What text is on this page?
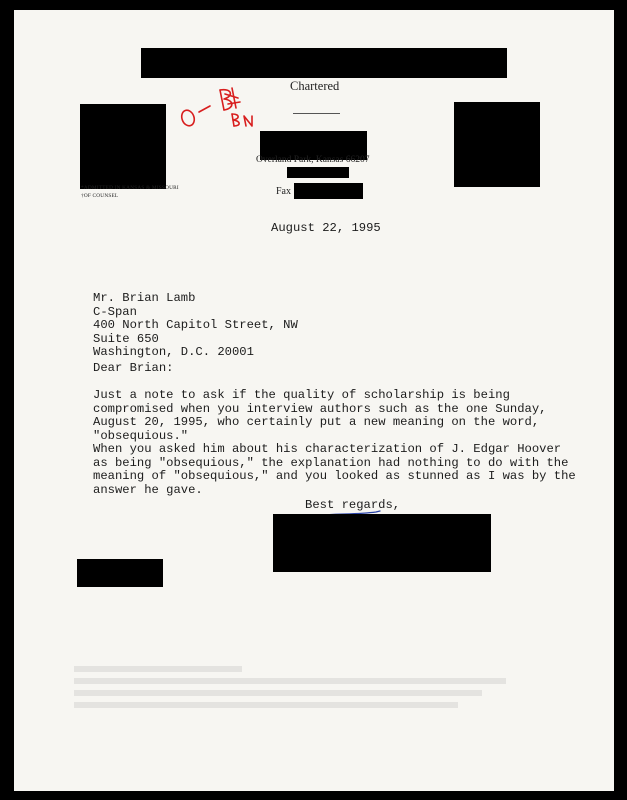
Chartered
Overland Park, Kansas 66207
Fax
*ADMITTED IN KANSAS & MISSOURI
†OF COUNSEL
August 22, 1995
Mr. Brian Lamb
C-Span
400 North Capitol Street, NW
Suite 650
Washington, D.C. 20001
Dear Brian:
Just a note to ask if the quality of scholarship is being
compromised when you interview authors such as the one Sunday,
August 20, 1995, who certainly put a new meaning on the word,
"obsequious."
When you asked him about his characterization of J. Edgar Hoover
as being "obsequious," the explanation had nothing to do with the
meaning of "obsequious," and you looked as stunned as I was by the
answer he gave.
Best regards,
